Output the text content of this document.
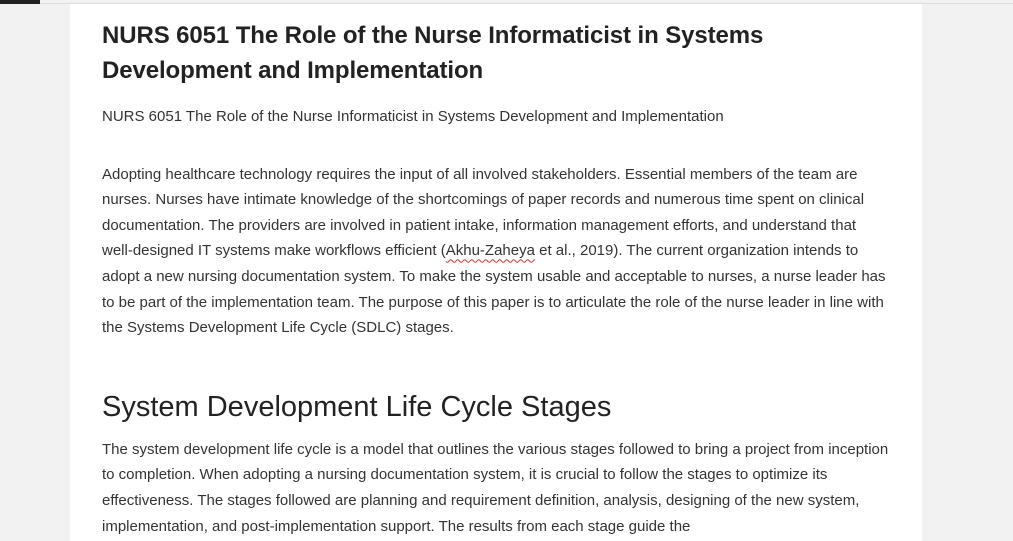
NURS 6051 The Role of the Nurse Informaticist in Systems Development and Implementation

NURS 6051 The Role of the Nurse Informaticist in Systems Development and Implementation

Adopting healthcare technology requires the input of all involved stakeholders. Essential members of the team are nurses. Nurses have intimate knowledge of the shortcomings of paper records and numerous time spent on clinical documentation. The providers are involved in patient intake, information management efforts, and understand that well-designed IT systems make workflows efficient (Akhu-Zaheya et al., 2019). The current organization intends to adopt a new nursing documentation system. To make the system usable and acceptable to nurses, a nurse leader has to be part of the implementation team. The purpose of this paper is to articulate the role of the nurse leader in line with the Systems Development Life Cycle (SDLC) stages.

System Development Life Cycle Stages

The system development life cycle is a model that outlines the various stages followed to bring a project from inception to completion. When adopting a nursing documentation system, it is crucial to follow the stages to optimize its effectiveness. The stages followed are planning and requirement definition, analysis, designing of the new system, implementation, and post-implementation support. The results from each stage guide the
